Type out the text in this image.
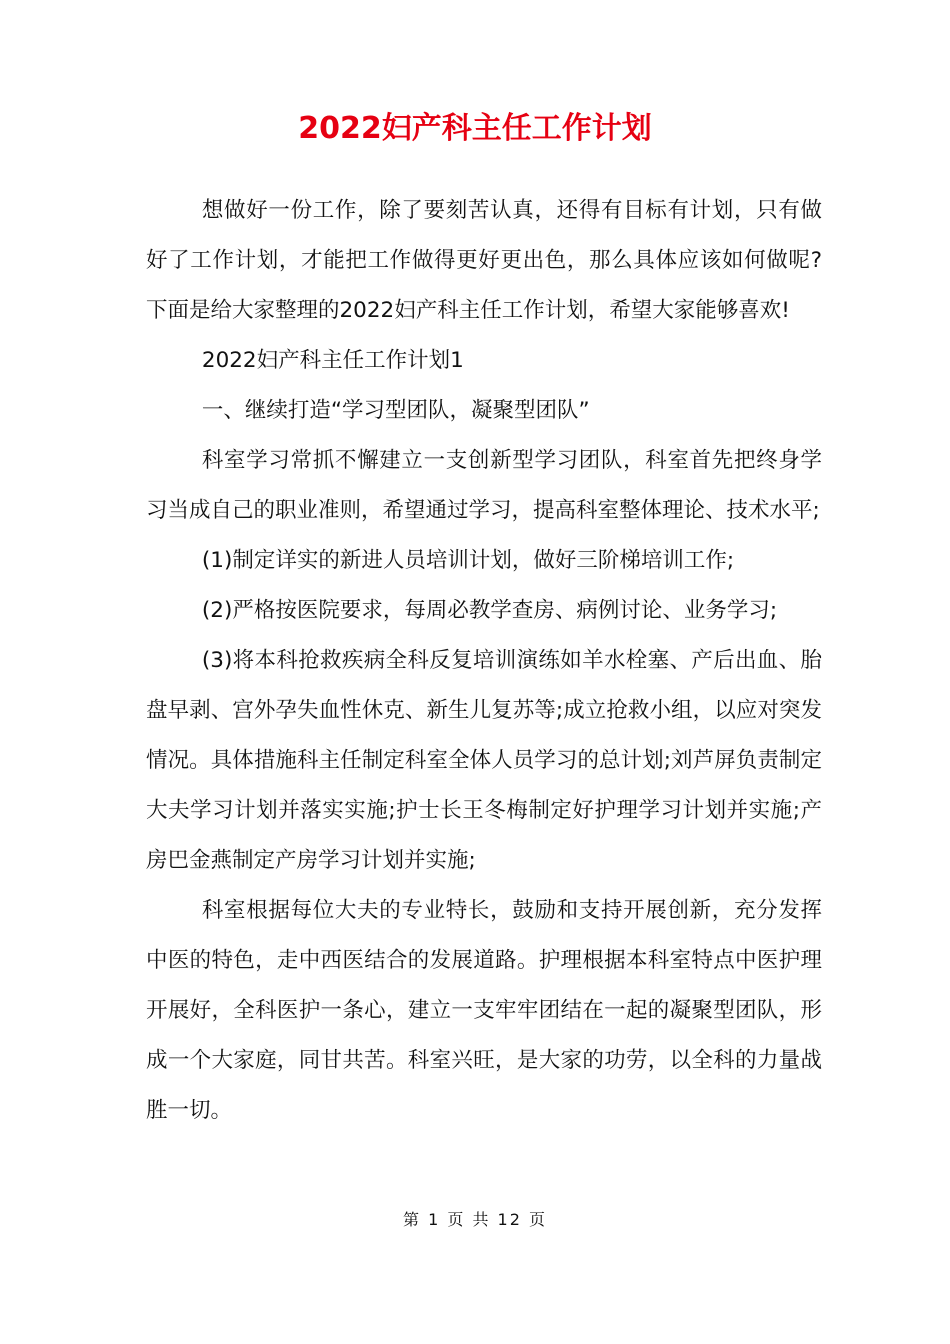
2022妇产科主任工作计划

想做好一份工作，除了要刻苦认真，还得有目标有计划，只有做好了工作计划，才能把工作做得更好更出色，那么具体应该如何做呢?下面是给大家整理的2022妇产科主任工作计划，希望大家能够喜欢!

2022妇产科主任工作计划1

一、继续打造“学习型团队，凝聚型团队”

科室学习常抓不懈建立一支创新型学习团队，科室首先把终身学习当成自己的职业准则，希望通过学习，提高科室整体理论、技术水平;

(1)制定详实的新进人员培训计划，做好三阶梯培训工作;

(2)严格按医院要求，每周必教学查房、病例讨论、业务学习;

(3)将本科抢救疾病全科反复培训演练如羊水栓塞、产后出血、胎盘早剥、宫外孕失血性休克、新生儿复苏等;成立抢救小组，以应对突发情况。具体措施科主任制定科室全体人员学习的总计划;刘芦屏负责制定大夫学习计划并落实实施;护士长王冬梅制定好护理学习计划并实施;产房巴金燕制定产房学习计划并实施;

科室根据每位大夫的专业特长，鼓励和支持开展创新，充分发挥中医的特色，走中西医结合的发展道路。护理根据本科室特点中医护理开展好，全科医护一条心，建立一支牢牢团结在一起的凝聚型团队，形成一个大家庭，同甘共苦。科室兴旺，是大家的功劳，以全科的力量战胜一切。

第 1 页 共 12 页
